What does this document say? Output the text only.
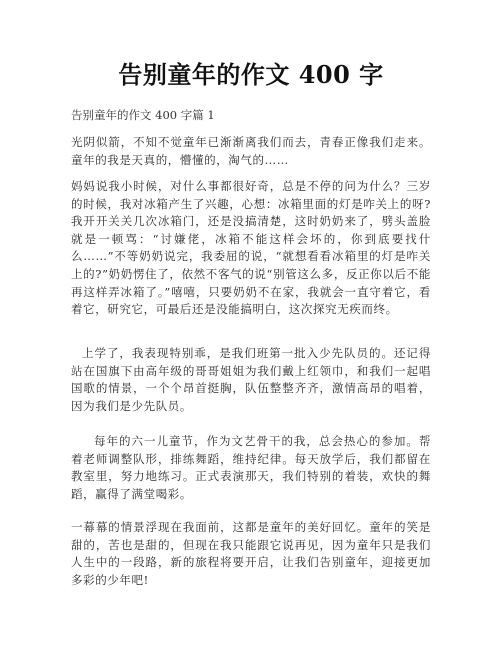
告别童年的作文 400 字

告别童年的作文 400 字篇 1

光阴似箭，不知不觉童年已渐渐离我们而去，青春正像我们走来。童年的我是天真的，懵懂的，淘气的……

妈妈说我小时候，对什么事都很好奇，总是不停的问为什么？三岁的时候，我对冰箱产生了兴趣，心想：冰箱里面的灯是咋关上的呀?我开开关关几次冰箱门，还是没搞清楚，这时奶奶来了，劈头盖脸就是一顿骂：“讨嫌佬，冰箱不能这样会坏的，你到底要找什么……”不等奶奶说完，我委屈的说，“就想看看冰箱里的灯是咋关上的?”奶奶愣住了，依然不客气的说“别管这么多，反正你以后不能再这样弄冰箱了。”嘻嘻，只要奶奶不在家，我就会一直守着它，看着它，研究它，可最后还是没能搞明白，这次探究无疾而终。

上学了，我表现特别乖，是我们班第一批入少先队员的。还记得站在国旗下由高年级的哥哥姐姐为我们戴上红领巾，和我们一起唱国歌的情景，一个个昂首挺胸，队伍整整齐齐，激情高昂的唱着，因为我们是少先队员。

每年的六一儿童节，作为文艺骨干的我，总会热心的参加。帮着老师调整队形，排练舞蹈，维持纪律。每天放学后，我们都留在教室里，努力地练习。正式表演那天，我们特别的着装，欢快的舞蹈，赢得了满堂喝彩。

一幕幕的情景浮现在我面前，这都是童年的美好回忆。童年的笑是甜的，苦也是甜的，但现在我只能跟它说再见，因为童年只是我们人生中的一段路，新的旅程将要开启，让我们告别童年，迎接更加多彩的少年吧!
